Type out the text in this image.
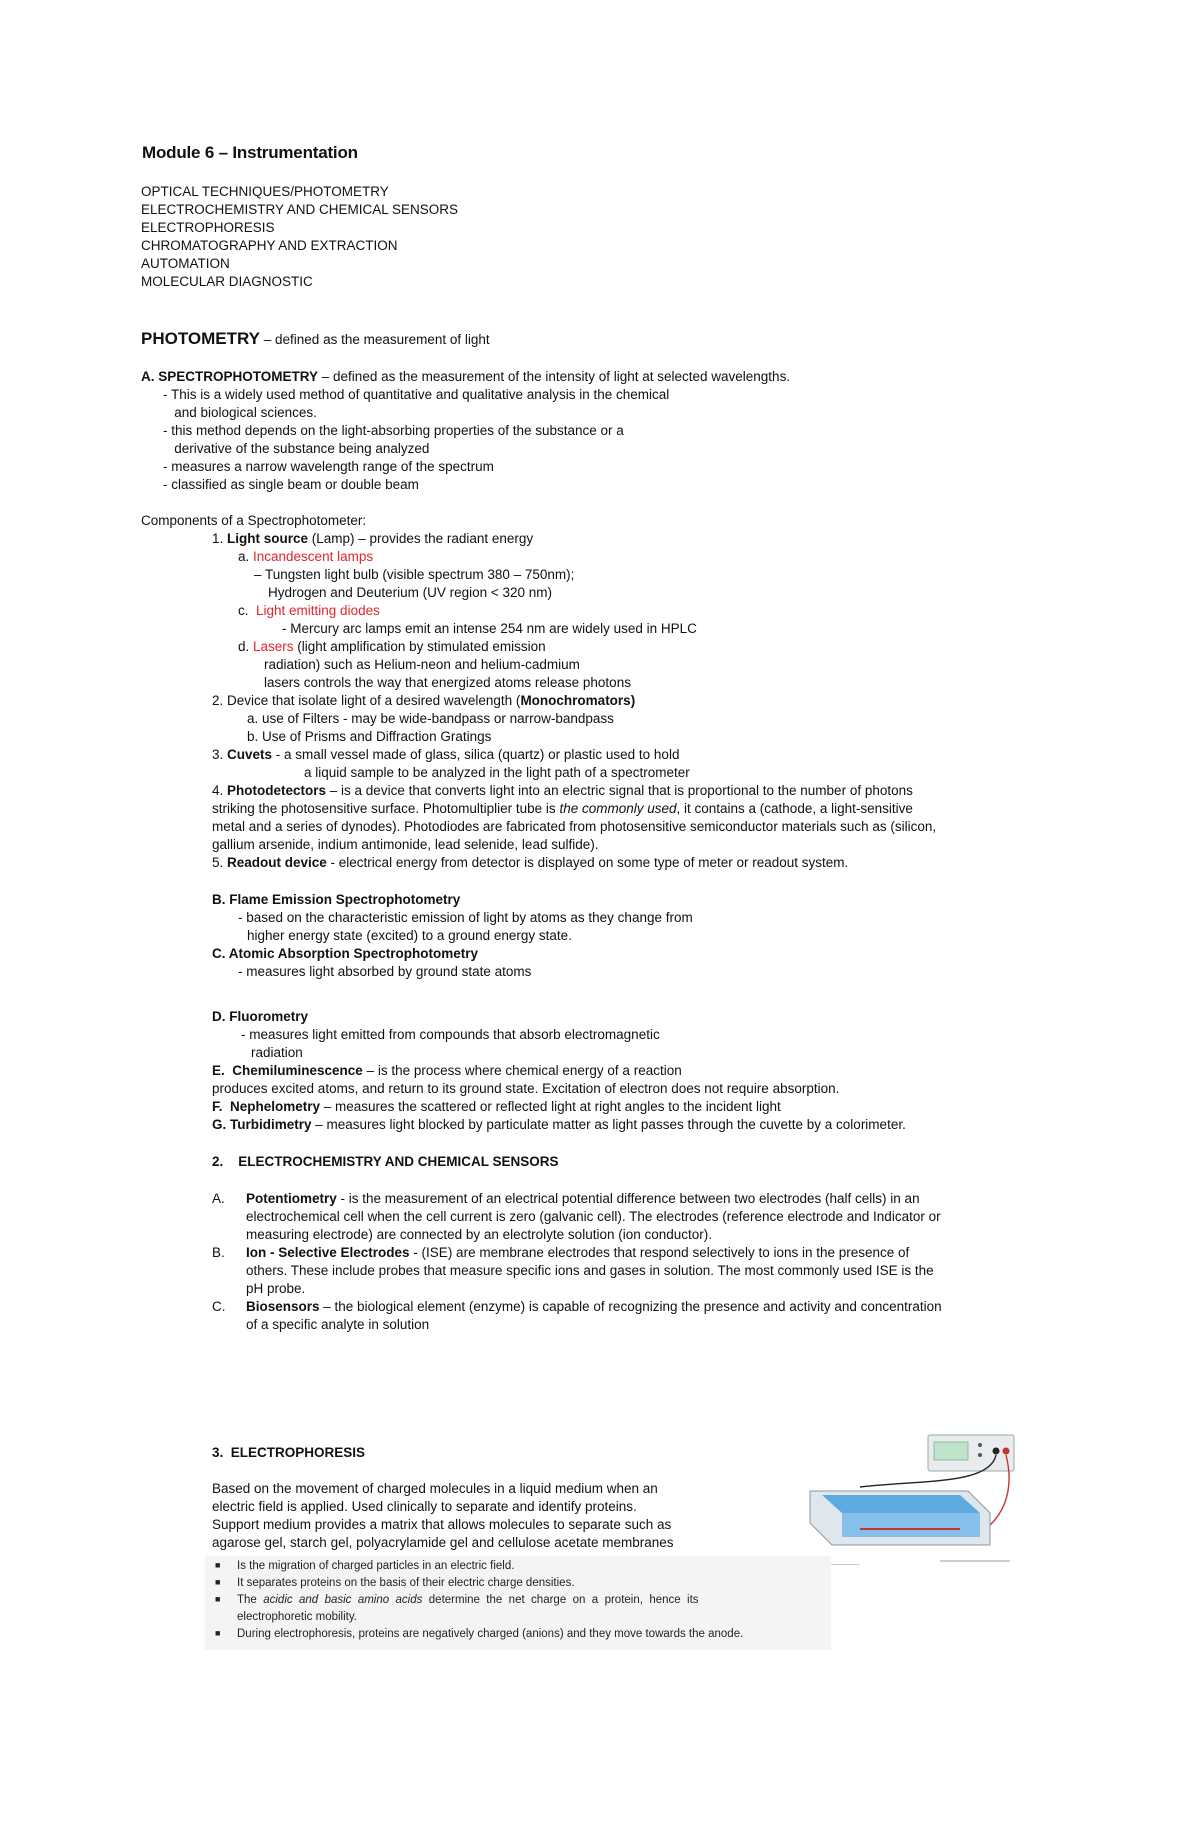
Module 6 – Instrumentation
OPTICAL TECHNIQUES/PHOTOMETRY
ELECTROCHEMISTRY AND CHEMICAL SENSORS
ELECTROPHORESIS
CHROMATOGRAPHY AND EXTRACTION
AUTOMATION
MOLECULAR DIAGNOSTIC
PHOTOMETRY – defined as the measurement of light
A. SPECTROPHOTOMETRY – defined as the measurement of the intensity of light at selected wavelengths.
- This is a widely used method of quantitative and qualitative analysis in the chemical
and biological sciences.
- this method depends on the light-absorbing properties of the substance or a
derivative of the substance being analyzed
- measures a narrow wavelength range of the spectrum
- classified as single beam or double beam
Components of a Spectrophotometer:
1. Light source (Lamp) – provides the radiant energy
a. Incandescent lamps
– Tungsten light bulb (visible spectrum 380 – 750nm);
Hydrogen and Deuterium (UV region < 320 nm)
c.  Light emitting diodes
- Mercury arc lamps emit an intense 254 nm are widely used in HPLC
d. Lasers (light amplification by stimulated emission
radiation) such as Helium-neon and helium-cadmium
lasers controls the way that energized atoms release photons
2. Device that isolate light of a desired wavelength (Monochromators)
a. use of Filters - may be wide-bandpass or narrow-bandpass
b. Use of Prisms and Diffraction Gratings
3. Cuvets - a small vessel made of glass, silica (quartz) or plastic used to hold
a liquid sample to be analyzed in the light path of a spectrometer
4. Photodetectors – is a device that converts light into an electric signal that is proportional to the number of photons
striking the photosensitive surface. Photomultiplier tube is the commonly used, it contains a (cathode, a light-sensitive
metal and a series of dynodes). Photodiodes are fabricated from photosensitive semiconductor materials such as (silicon,
gallium arsenide, indium antimonide, lead selenide, lead sulfide).
5. Readout device - electrical energy from detector is displayed on some type of meter or readout system.
B. Flame Emission Spectrophotometry
- based on the characteristic emission of light by atoms as they change from
higher energy state (excited) to a ground energy state.
C. Atomic Absorption Spectrophotometry
- measures light absorbed by ground state atoms
D. Fluorometry
- measures light emitted from compounds that absorb electromagnetic
radiation
E.  Chemiluminescence – is the process where chemical energy of a reaction
produces excited atoms, and return to its ground state. Excitation of electron does not require absorption.
F.  Nephelometry – measures the scattered or reflected light at right angles to the incident light
G. Turbidimetry – measures light blocked by particulate matter as light passes through the cuvette by a colorimeter.
2.    ELECTROCHEMISTRY AND CHEMICAL SENSORS
A. Potentiometry - is the measurement of an electrical potential difference between two electrodes (half cells) in an
electrochemical cell when the cell current is zero (galvanic cell). The electrodes (reference electrode and Indicator or
measuring electrode) are connected by an electrolyte solution (ion conductor).
B. Ion - Selective Electrodes - (ISE) are membrane electrodes that respond selectively to ions in the presence of
others. These include probes that measure specific ions and gases in solution. The most commonly used ISE is the
pH probe.
C. Biosensors – the biological element (enzyme) is capable of recognizing the presence and activity and concentration
of a specific analyte in solution
3.  ELECTROPHORESIS
Based on the movement of charged molecules in a liquid medium when an
electric field is applied. Used clinically to separate and identify proteins.
Support medium provides a matrix that allows molecules to separate such as
agarose gel, starch gel, polyacrylamide gel and cellulose acetate membranes
■ Is the migration of charged particles in an electric field.
■ It separates proteins on the basis of their electric charge densities.
■ The  acidic  and  basic  amino  acids  determine  the  net  charge  on  a  protein,  hence  its
electrophoretic mobility.
■ During electrophoresis, proteins are negatively charged (anions) and they move towards the anode.
